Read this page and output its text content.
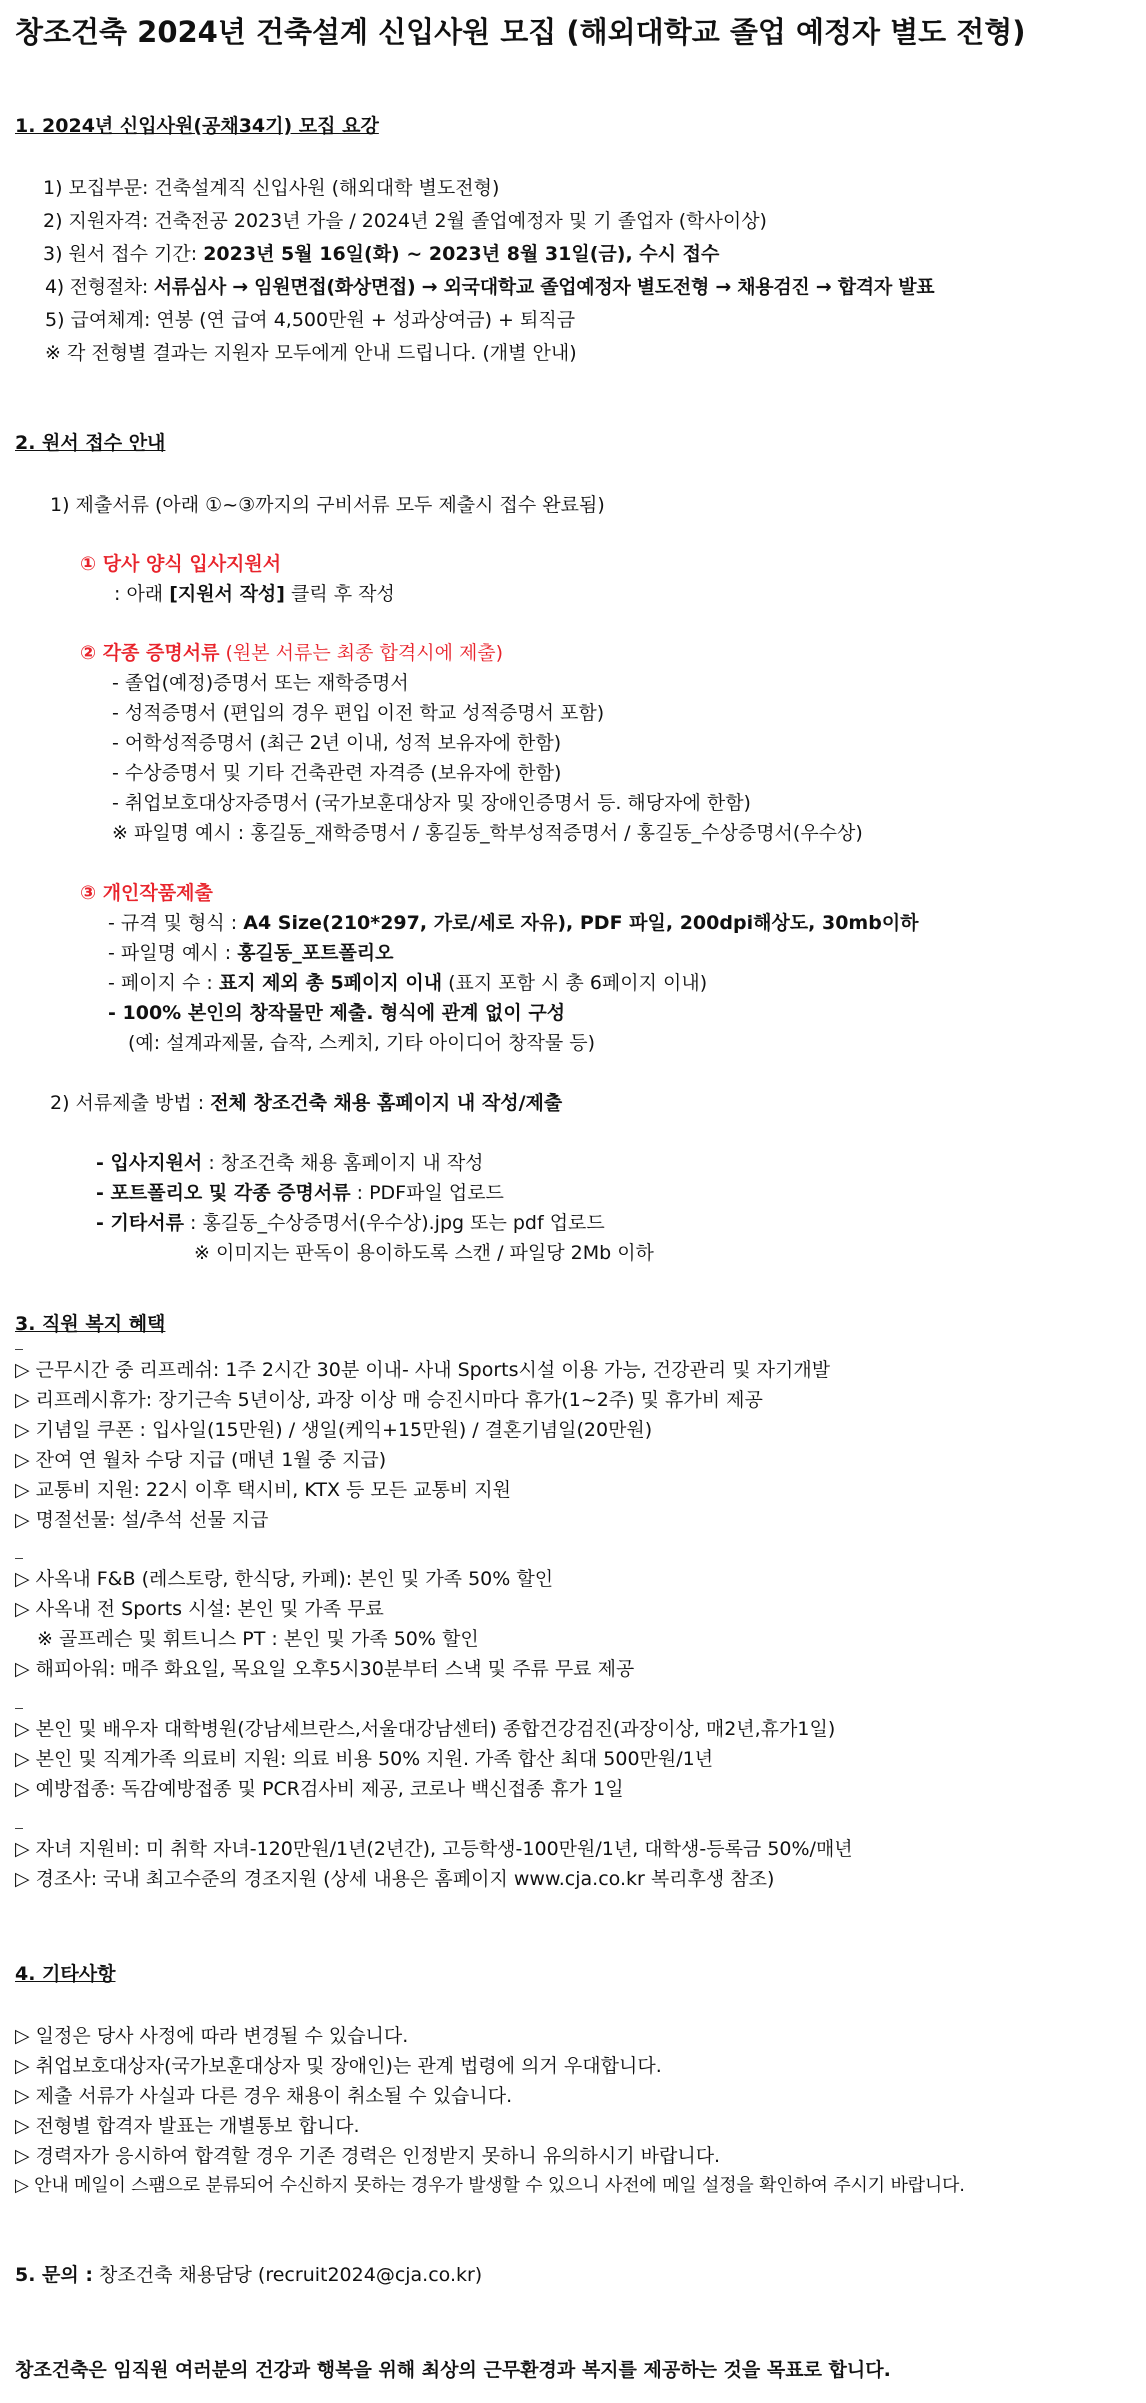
창조건축 2024년 건축설계 신입사원 모집 (해외대학교 졸업 예정자 별도 전형)
1. 2024년 신입사원(공채34기) 모집 요강
1) 모집부문: 건축설계직 신입사원 (해외대학 별도전형)
2) 지원자격: 건축전공 2023년 가을 / 2024년 2월 졸업예정자 및 기 졸업자 (학사이상)
3) 원서 접수 기간: 2023년 5월 16일(화) ~ 2023년 8월 31일(금), 수시 접수
4) 전형절차: 서류심사 → 임원면접(화상면접) → 외국대학교 졸업예정자 별도전형 → 채용검진 → 합격자 발표
5) 급여체계: 연봉 (연 급여 4,500만원 + 성과상여금) + 퇴직금
※ 각 전형별 결과는 지원자 모두에게 안내 드립니다. (개별 안내)
2. 원서 접수 안내
1) 제출서류 (아래 ①~③까지의 구비서류 모두 제출시 접수 완료됨)
① 당사 양식 입사지원서
: 아래 [지원서 작성] 클릭 후 작성
② 각종 증명서류 (원본 서류는 최종 합격시에 제출)
- 졸업(예정)증명서 또는 재학증명서
- 성적증명서 (편입의 경우 편입 이전 학교 성적증명서 포함)
- 어학성적증명서 (최근 2년 이내, 성적 보유자에 한함)
- 수상증명서 및 기타 건축관련 자격증 (보유자에 한함)
- 취업보호대상자증명서 (국가보훈대상자 및 장애인증명서 등. 해당자에 한함)
※ 파일명 예시 : 홍길동_재학증명서 / 홍길동_학부성적증명서 / 홍길동_수상증명서(우수상)
③ 개인작품제출
- 규격 및 형식 : A4 Size(210*297, 가로/세로 자유), PDF 파일, 200dpi해상도, 30mb이하
- 파일명 예시 : 홍길동_포트폴리오
- 페이지 수 : 표지 제외 총 5페이지 이내 (표지 포함 시 총 6페이지 이내)
- 100% 본인의 창작물만 제출. 형식에 관계 없이 구성
(예: 설계과제물, 습작, 스케치, 기타 아이디어 창작물 등)
2) 서류제출 방법 : 전체 창조건축 채용 홈페이지 내 작성/제출
- 입사지원서 : 창조건축 채용 홈페이지 내 작성
- 포트폴리오 및 각종 증명서류 : PDF파일 업로드
- 기타서류 : 홍길동_수상증명서(우수상).jpg 또는 pdf 업로드
※ 이미지는 판독이 용이하도록 스캔 / 파일당 2Mb 이하
3. 직원 복지 혜택
▷ 근무시간 중 리프레쉬: 1주 2시간 30분 이내- 사내 Sports시설 이용 가능, 건강관리 및 자기개발
▷ 리프레시휴가: 장기근속 5년이상, 과장 이상 매 승진시마다 휴가(1~2주) 및 휴가비 제공
▷ 기념일 쿠폰 : 입사일(15만원) / 생일(케익+15만원) / 결혼기념일(20만원)
▷ 잔여 연 월차 수당 지급 (매년 1월 중 지급)
▷ 교통비 지원: 22시 이후 택시비, KTX 등 모든 교통비 지원
▷ 명절선물: 설/추석 선물 지급
▷ 사옥내 F&B (레스토랑, 한식당, 카페): 본인 및 가족 50% 할인
▷ 사옥내 전 Sports 시설: 본인 및 가족 무료
※ 골프레슨 및 휘트니스 PT : 본인 및 가족 50% 할인
▷ 해피아워: 매주 화요일, 목요일 오후5시30분부터 스낵 및 주류 무료 제공
▷ 본인 및 배우자 대학병원(강남세브란스,서울대강남센터) 종합건강검진(과장이상, 매2년,휴가1일)
▷ 본인 및 직계가족 의료비 지원: 의료 비용 50% 지원. 가족 합산 최대 500만원/1년
▷ 예방접종: 독감예방접종 및 PCR검사비 제공, 코로나 백신접종 휴가 1일
▷ 자녀 지원비: 미 취학 자녀-120만원/1년(2년간), 고등학생-100만원/1년, 대학생-등록금 50%/매년
▷ 경조사: 국내 최고수준의 경조지원 (상세 내용은 홈페이지 www.cja.co.kr 복리후생 참조)
4. 기타사항
▷ 일정은 당사 사정에 따라 변경될 수 있습니다.
▷ 취업보호대상자(국가보훈대상자 및 장애인)는 관계 법령에 의거 우대합니다.
▷ 제출 서류가 사실과 다른 경우 채용이 취소될 수 있습니다.
▷ 전형별 합격자 발표는 개별통보 합니다.
▷ 경력자가 응시하여 합격할 경우 기존 경력은 인정받지 못하니 유의하시기 바랍니다.
▷ 안내 메일이 스팸으로 분류되어 수신하지 못하는 경우가 발생할 수 있으니 사전에 메일 설정을 확인하여 주시기 바랍니다.
5. 문의 : 창조건축 채용담당 (recruit2024@cja.co.kr)
창조건축은 임직원 여러분의 건강과 행복을 위해 최상의 근무환경과 복지를 제공하는 것을 목표로 합니다.
